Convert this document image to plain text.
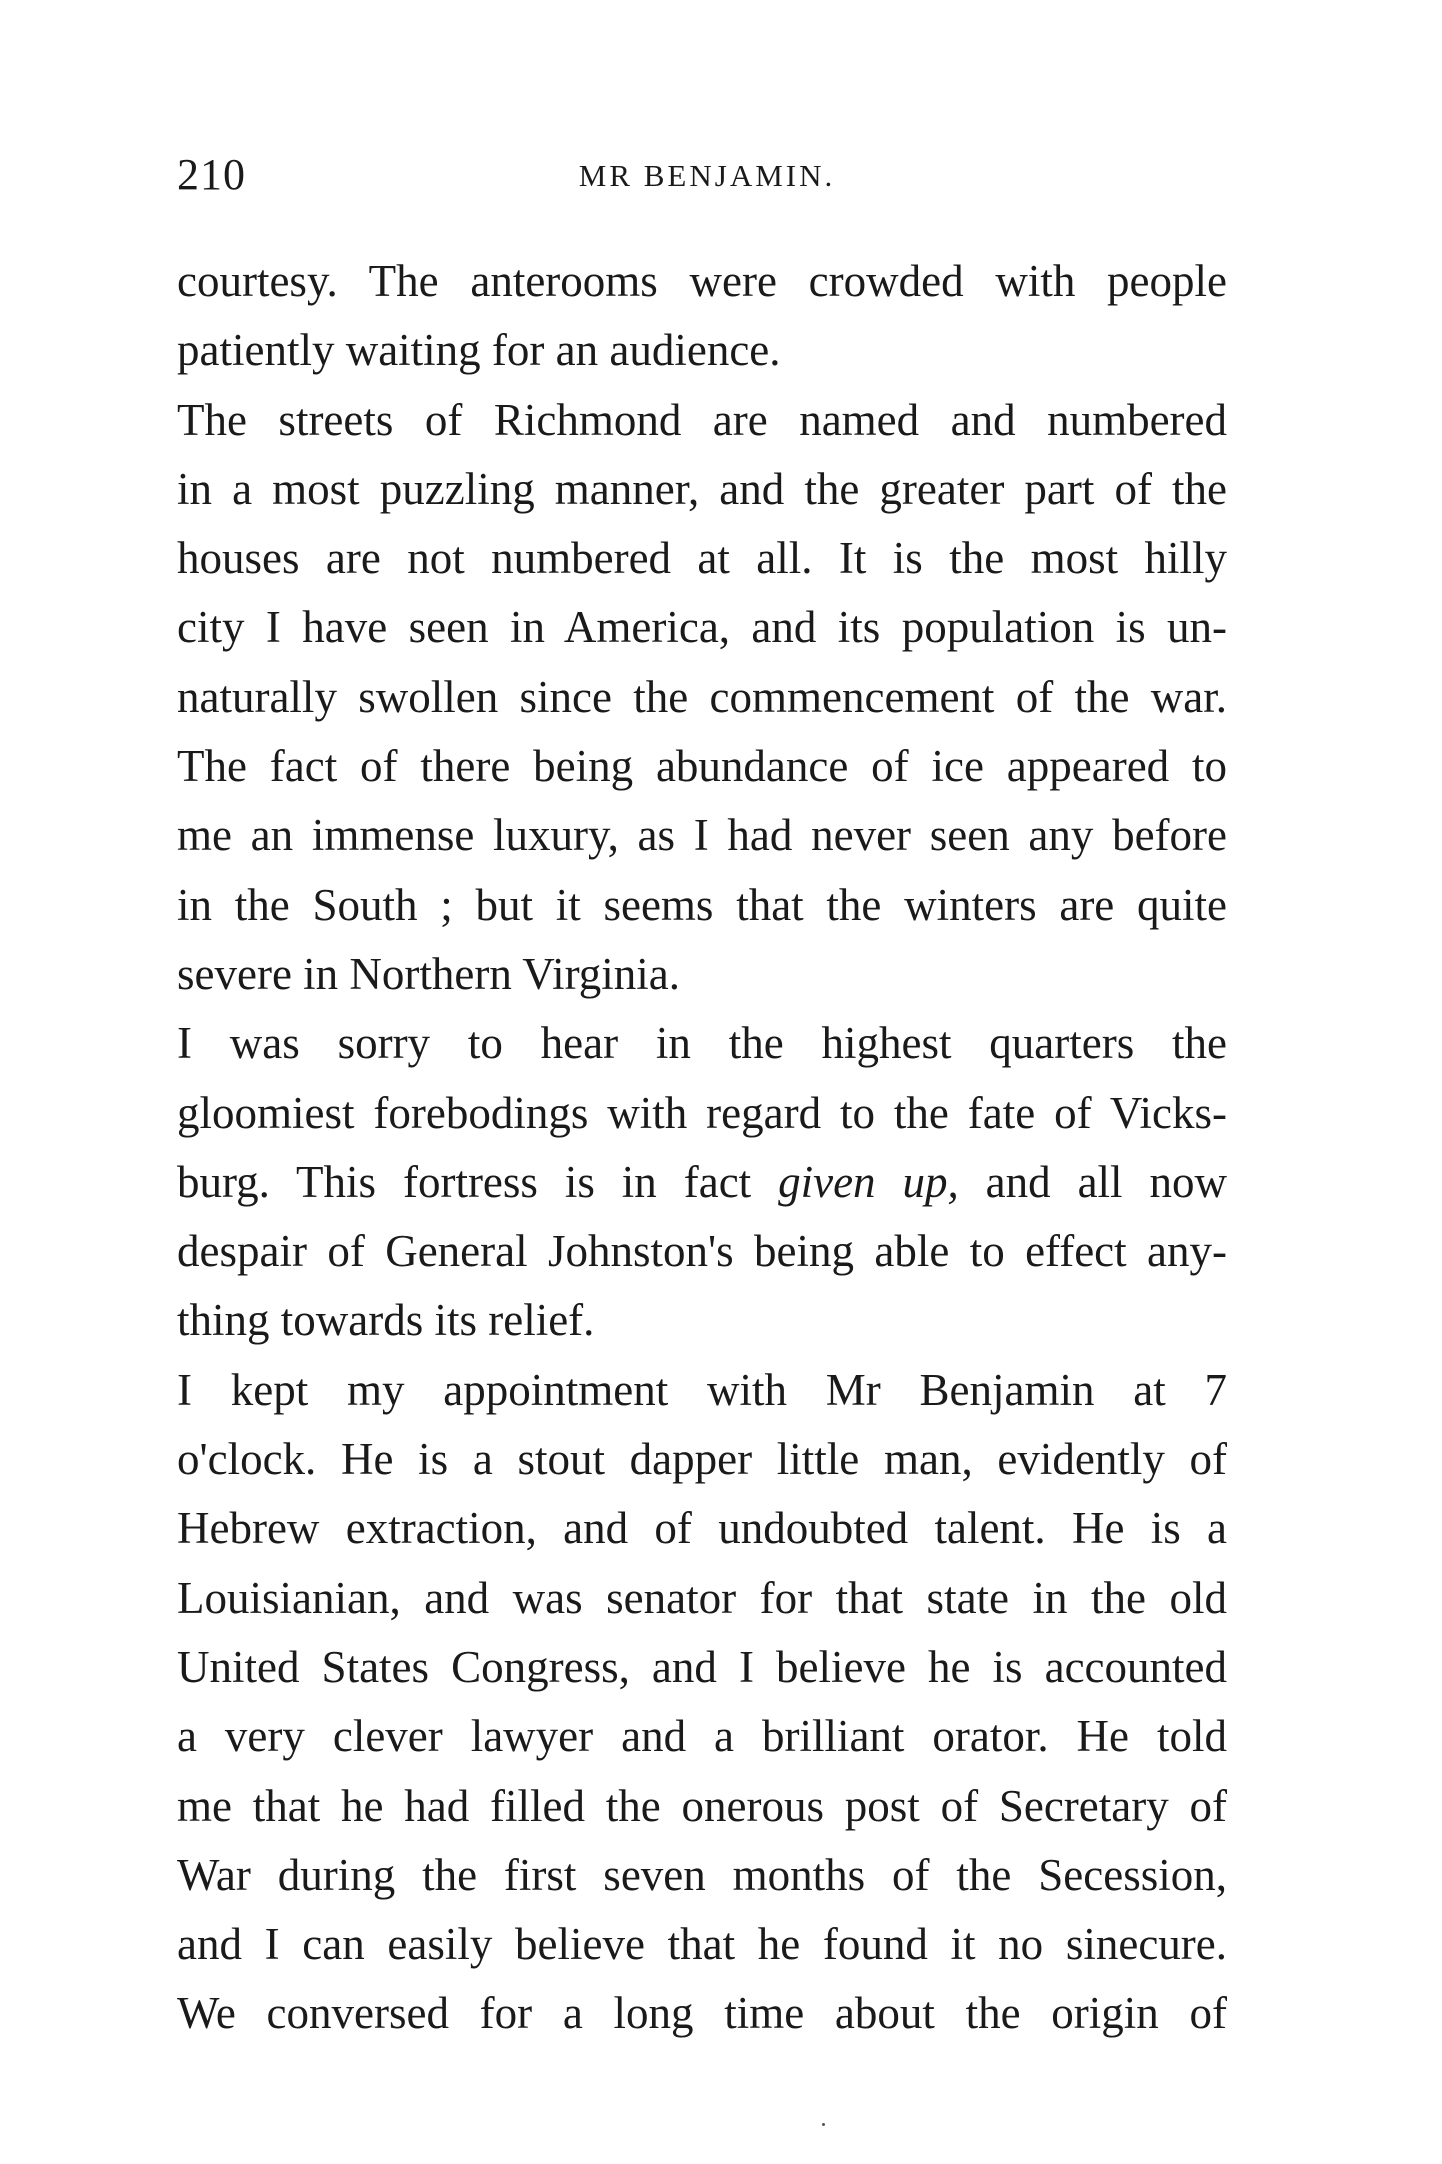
210	MR BENJAMIN.
courtesy. The anterooms were crowded with people
patiently waiting for an audience.
The streets of Richmond are named and numbered
in a most puzzling manner, and the greater part of the
houses are not numbered at all. It is the most hilly
city I have seen in America, and its population is un-
naturally swollen since the commencement of the war.
The fact of there being abundance of ice appeared to
me an immense luxury, as I had never seen any before
in the South ; but it seems that the winters are quite
severe in Northern Virginia.
I was sorry to hear in the highest quarters the
gloomiest forebodings with regard to the fate of Vicks-
burg. This fortress is in fact given up, and all now
despair of General Johnston's being able to effect any-
thing towards its relief.
I kept my appointment with Mr Benjamin at 7
o'clock. He is a stout dapper little man, evidently of
Hebrew extraction, and of undoubted talent. He is a
Louisianian, and was senator for that state in the old
United States Congress, and I believe he is accounted
a very clever lawyer and a brilliant orator. He told
me that he had filled the onerous post of Secretary of
War during the first seven months of the Secession,
and I can easily believe that he found it no sinecure.
We conversed for a long time about the origin of
